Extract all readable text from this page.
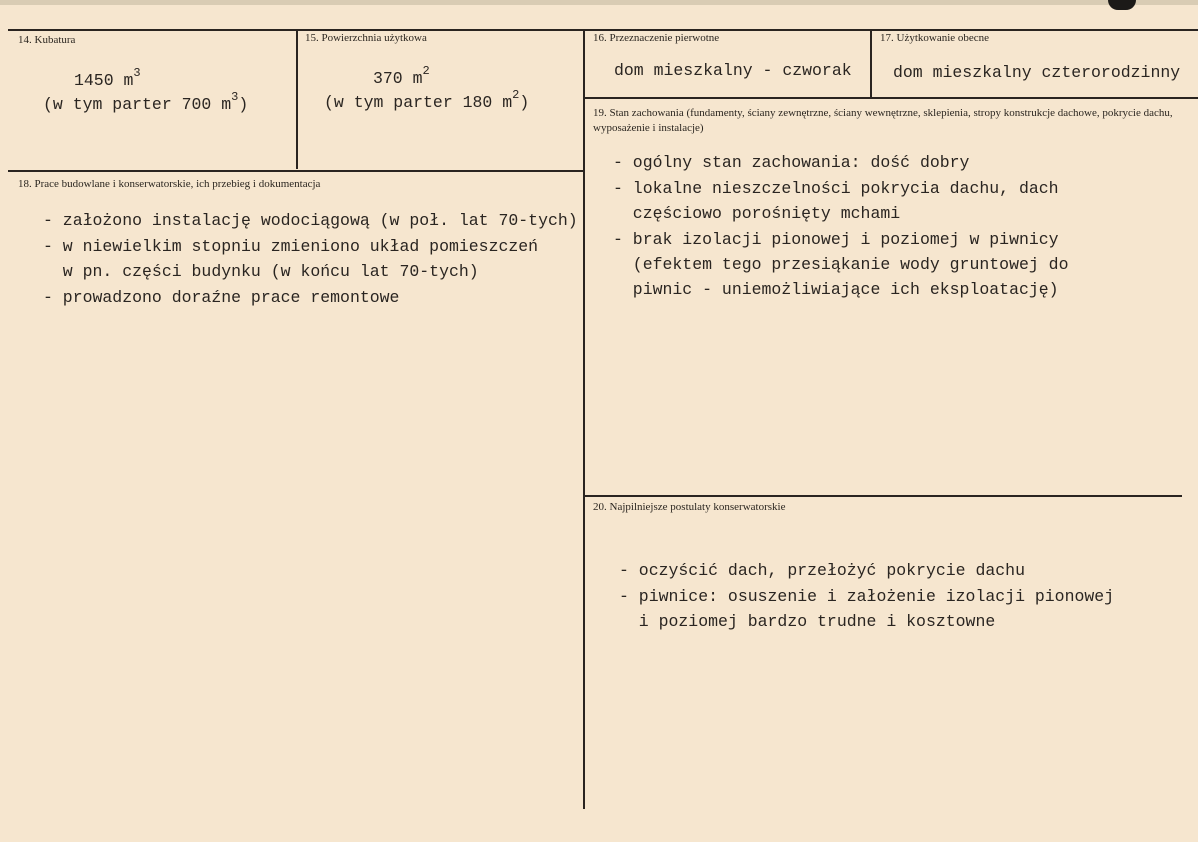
14. Kubatura
1450 $m^3$
(w tym parter 700 $m^3$)
15. Powierzchnia użytkowa
370 $m^2$
(w tym parter 180 $m^2$)
16. Przeznaczenie pierwotne
dom mieszkalny - czworak
17. Użytkowanie obecne
dom mieszkalny czterorodzinny
18. Prace budowlane i konserwatorskie, ich przebieg i dokumentacja
- założono instalację wodociągową (w poł. lat 70-tych)
- w niewielkim stopniu zmieniono układ pomieszczeń
w pn. części budynku (w końcu lat 70-tych)
- prowadzono doraźne prace remontowe
19. Stan zachowania (fundamenty, ściany zewnętrzne, ściany wewnętrzne, sklepienia, stropy konstrukcje dachowe, pokrycie dachu, wyposażenie i instalacje)
- ogólny stan zachowania: dość dobry
- lokalne nieszczelności pokrycia dachu, dach
częściowo porośnięty mchami
- brak izolacji pionowej i poziomej w piwnicy
(efektem tego przesiąkanie wody gruntowej do
piwnic - uniemożliwiające ich eksploatację)
20. Najpilniejsze postulaty konserwatorskie
- oczyścić dach, przełożyć pokrycie dachu
- piwnice: osuszenie i założenie izolacji pionowej
i poziomej bardzo trudne i kosztowne
